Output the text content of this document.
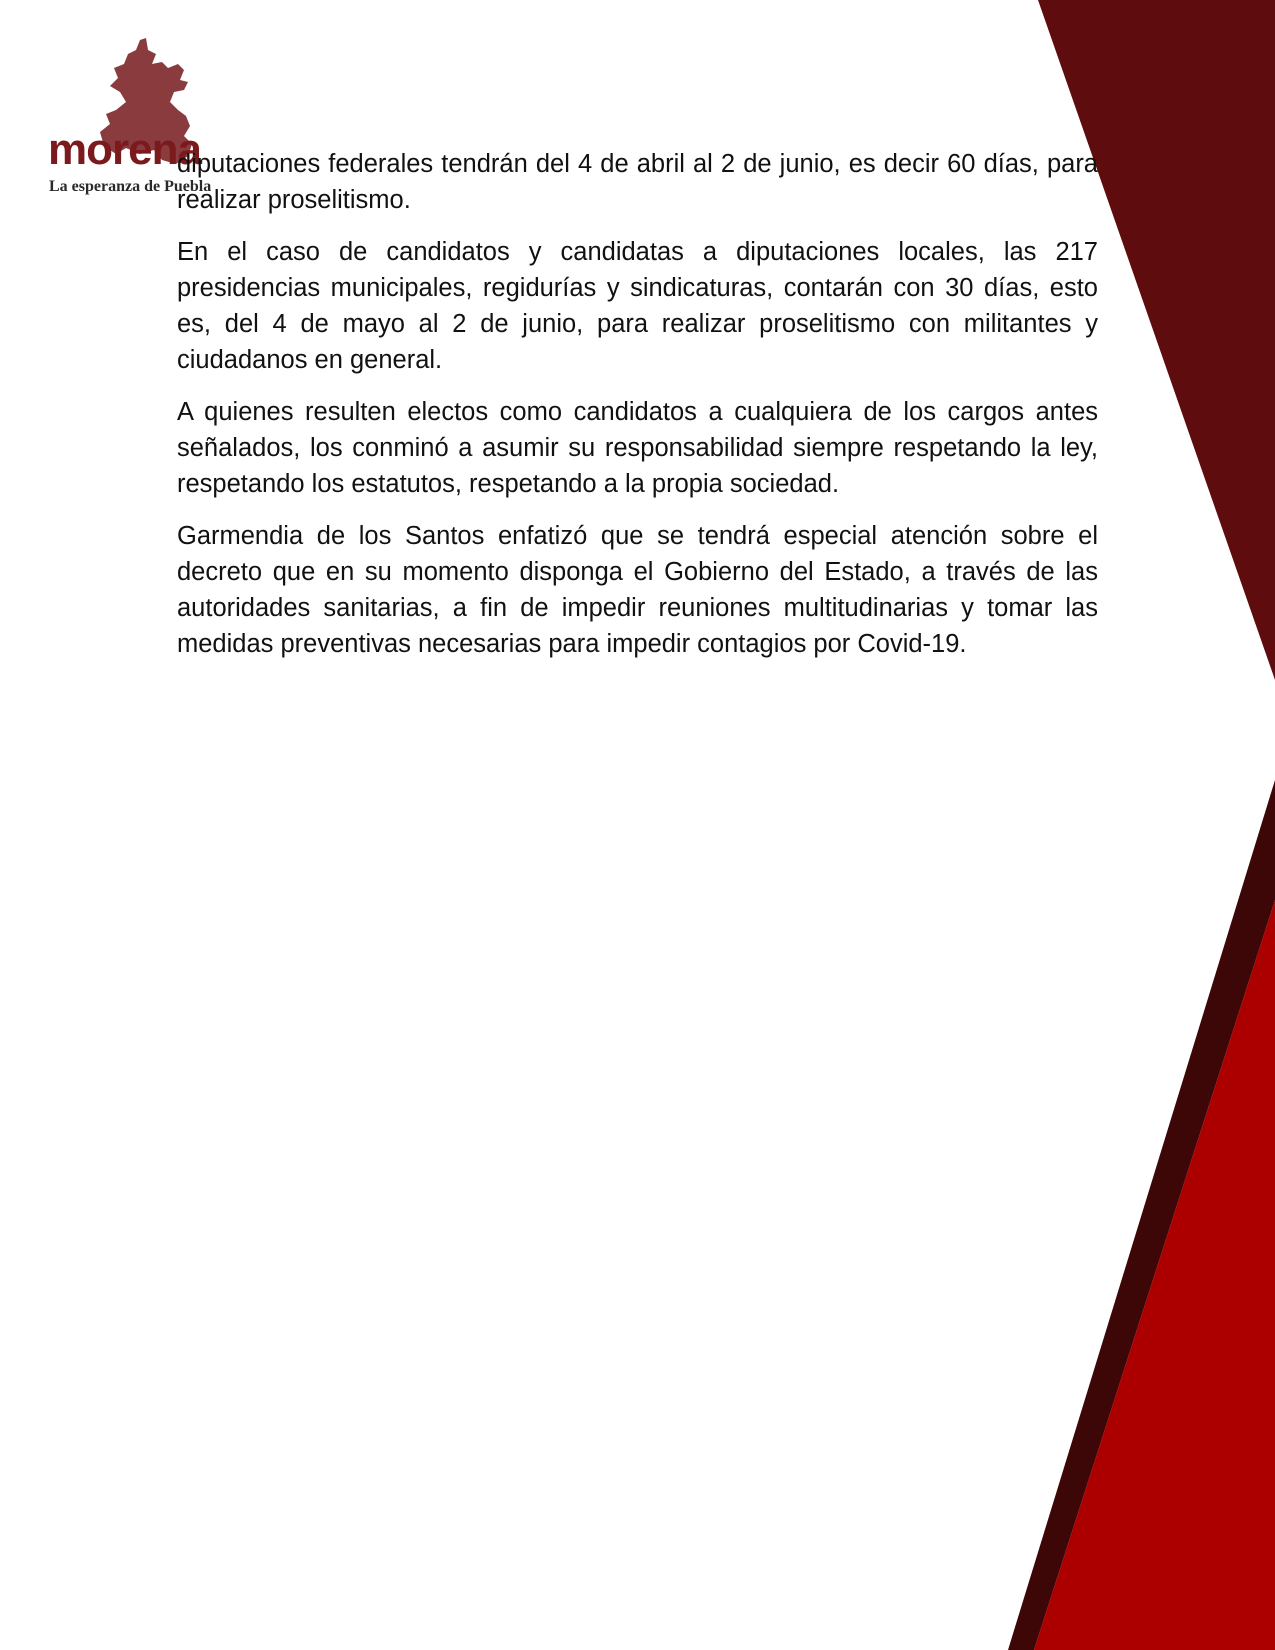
morena
La esperanza de Puebla

diputaciones federales tendrán del 4 de abril al 2 de junio, es decir 60 días, para realizar proselitismo.

En el caso de candidatos y candidatas a diputaciones locales, las 217 presidencias municipales, regidurías y sindicaturas, contarán con 30 días, esto es, del 4 de mayo al 2 de junio, para realizar proselitismo con militantes y ciudadanos en general.

A quienes resulten electos como candidatos a cualquiera de los cargos antes señalados, los conminó a asumir su responsabilidad siempre respetando la ley, respetando los estatutos, respetando a la propia sociedad.

Garmendia de los Santos enfatizó que se tendrá especial atención sobre el decreto que en su momento disponga el Gobierno del Estado, a través de las autoridades sanitarias, a fin de impedir reuniones multitudinarias y tomar las medidas preventivas necesarias para impedir contagios por Covid-19.
